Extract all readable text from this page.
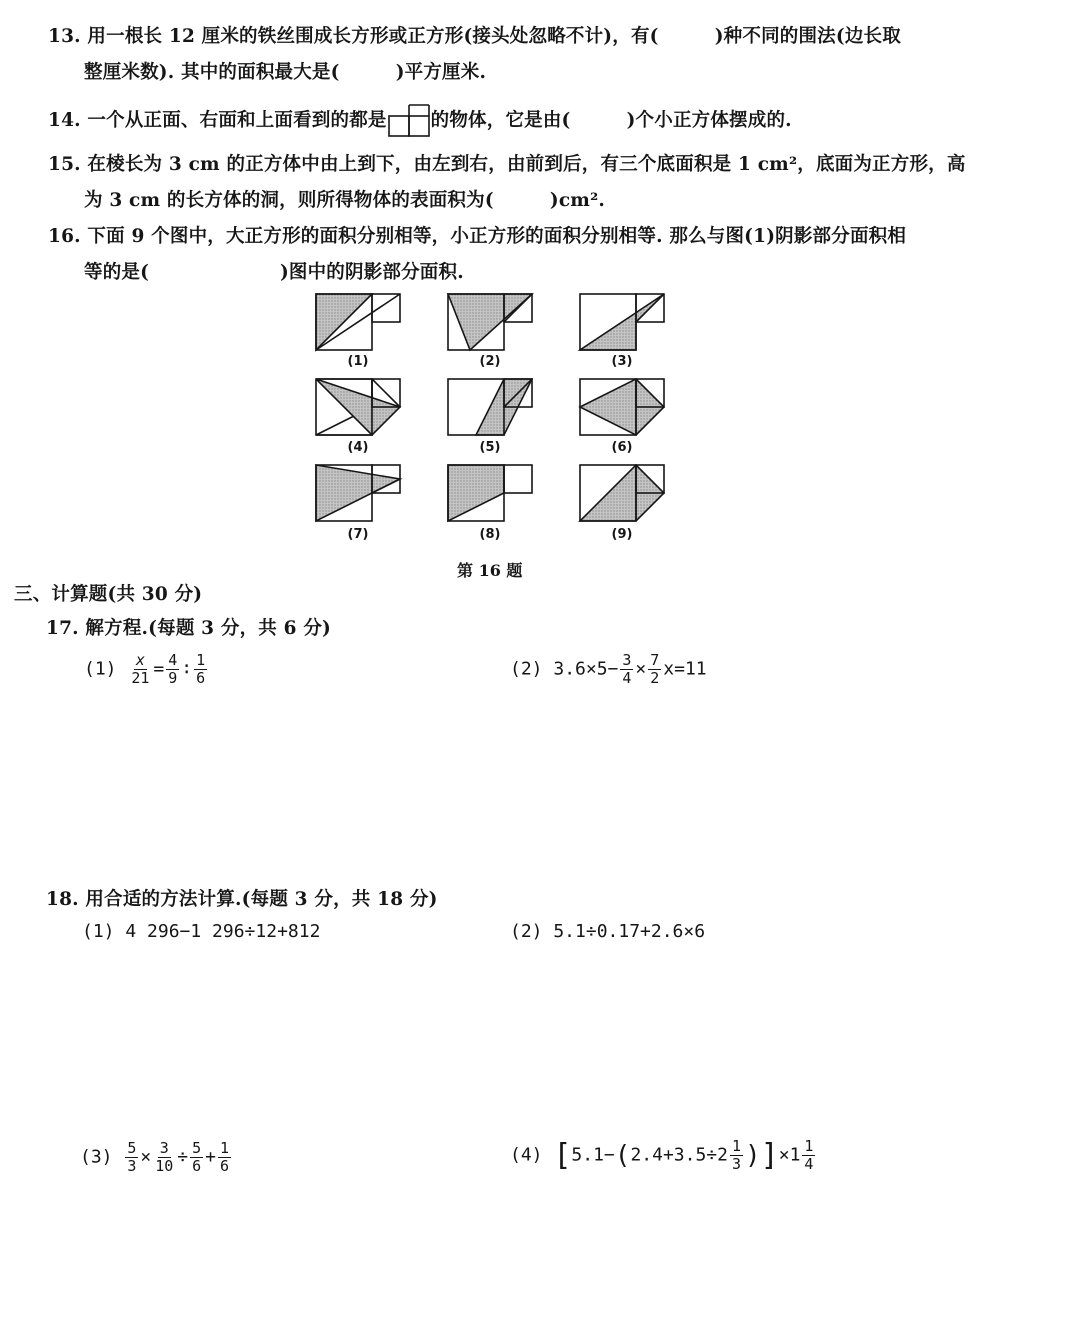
13. 用一根长 12 厘米的铁丝围成长方形或正方形(接头处忽略不计)，有(　　　)种不同的围法(边长取
整厘米数). 其中的面积最大是(　　　)平方厘米.
14. 一个从正面、右面和上面看到的都是 的物体，它是由(　　　)个小正方体摆成的.
15. 在棱长为 3 cm 的正方体中由上到下，由左到右，由前到后，有三个底面积是 1 cm²，底面为正方形，高
为 3 cm 的长方体的洞，则所得物体的表面积为(　　　)cm².
16. 下面 9 个图中，大正方形的面积分别相等，小正方形的面积分别相等. 那么与图(1)阴影部分面积相
等的是(　　　　　　　)图中的阴影部分面积.
(1)	(2)	(3)
(4)	(5)	(6)
(7)	(8)	(9)
第 16 题
三、计算题(共 30 分)
17. 解方程.(每题 3 分，共 6 分)
$(1) \frac{x}{21} = \frac{4}{9}$ ∶ $\frac{1}{6}$	(2) $3.6\times 5- \frac{3}{4} \times \frac{7}{2} x=11$
18. 用合适的方法计算.(每题 3 分，共 18 分)
(1) 4 296−1 296÷12+812	(2) 5.1÷0.17+2.6×6
$(3) \frac{5}{3} \times \frac{3}{10} \div \frac{5}{6} + \frac{1}{6}$	(4) $[5.1-(2.4+3.5\div 2 \frac{1}{3} )]\times 1 \frac{1}{4}$
